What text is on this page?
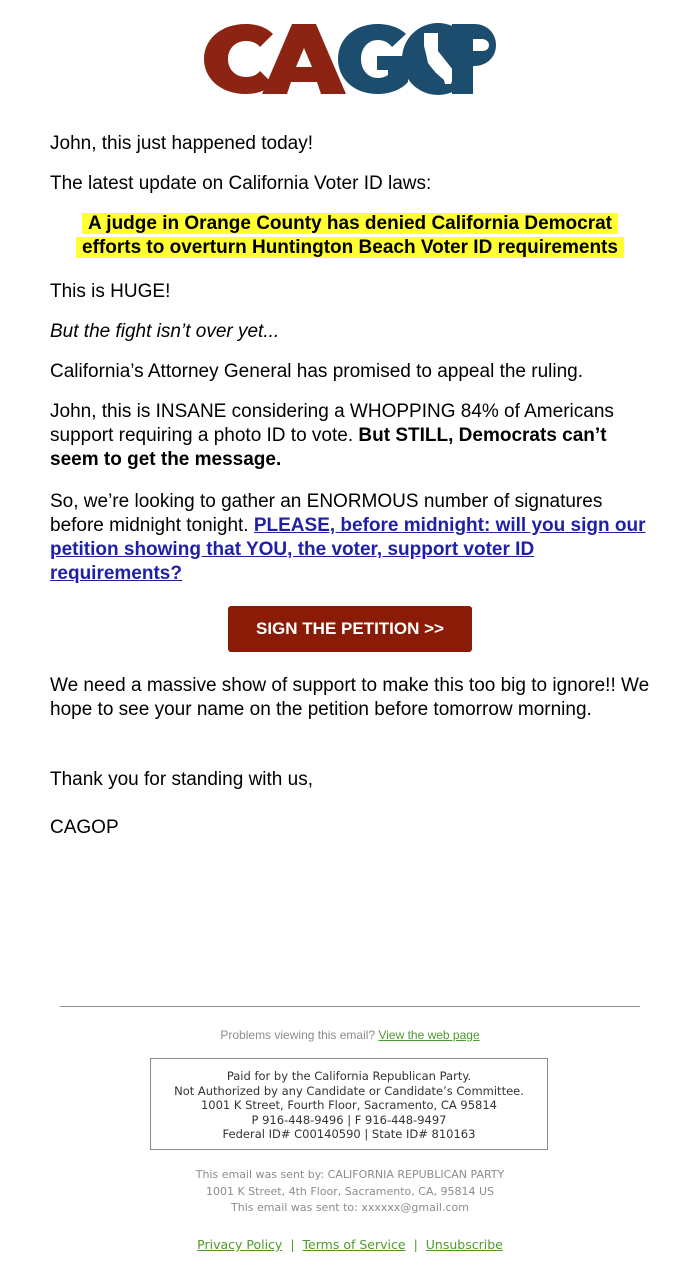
John, this just happened today!

The latest update on California Voter ID laws:

A judge in Orange County has denied California Democrat
efforts to overturn Huntington Beach Voter ID requirements

This is HUGE!

But the fight isn’t over yet...

California’s Attorney General has promised to appeal the ruling.

John, this is INSANE considering a WHOPPING 84% of Americans support requiring a photo ID to vote. But STILL, Democrats can’t seem to get the message.

So, we’re looking to gather an ENORMOUS number of signatures before midnight tonight. PLEASE, before midnight: will you sign our petition showing that YOU, the voter, support voter ID requirements?

SIGN THE PETITION >>

We need a massive show of support to make this too big to ignore!! We hope to see your name on the petition before tomorrow morning.

Thank you for standing with us,

CAGOP

Problems viewing this email? View the web page
Paid for by the California Republican Party.
Not Authorized by any Candidate or Candidate’s Committee.
1001 K Street, Fourth Floor, Sacramento, CA 95814
P 916-448-9496 | F 916-448-9497
Federal ID# C00140590 | State ID# 810163
This email was sent by: CALIFORNIA REPUBLICAN PARTY
1001 K Street, 4th Floor, Sacramento, CA, 95814 US
This email was sent to: xxxxxx@gmail.com
Privacy Policy | Terms of Service | Unsubscribe
